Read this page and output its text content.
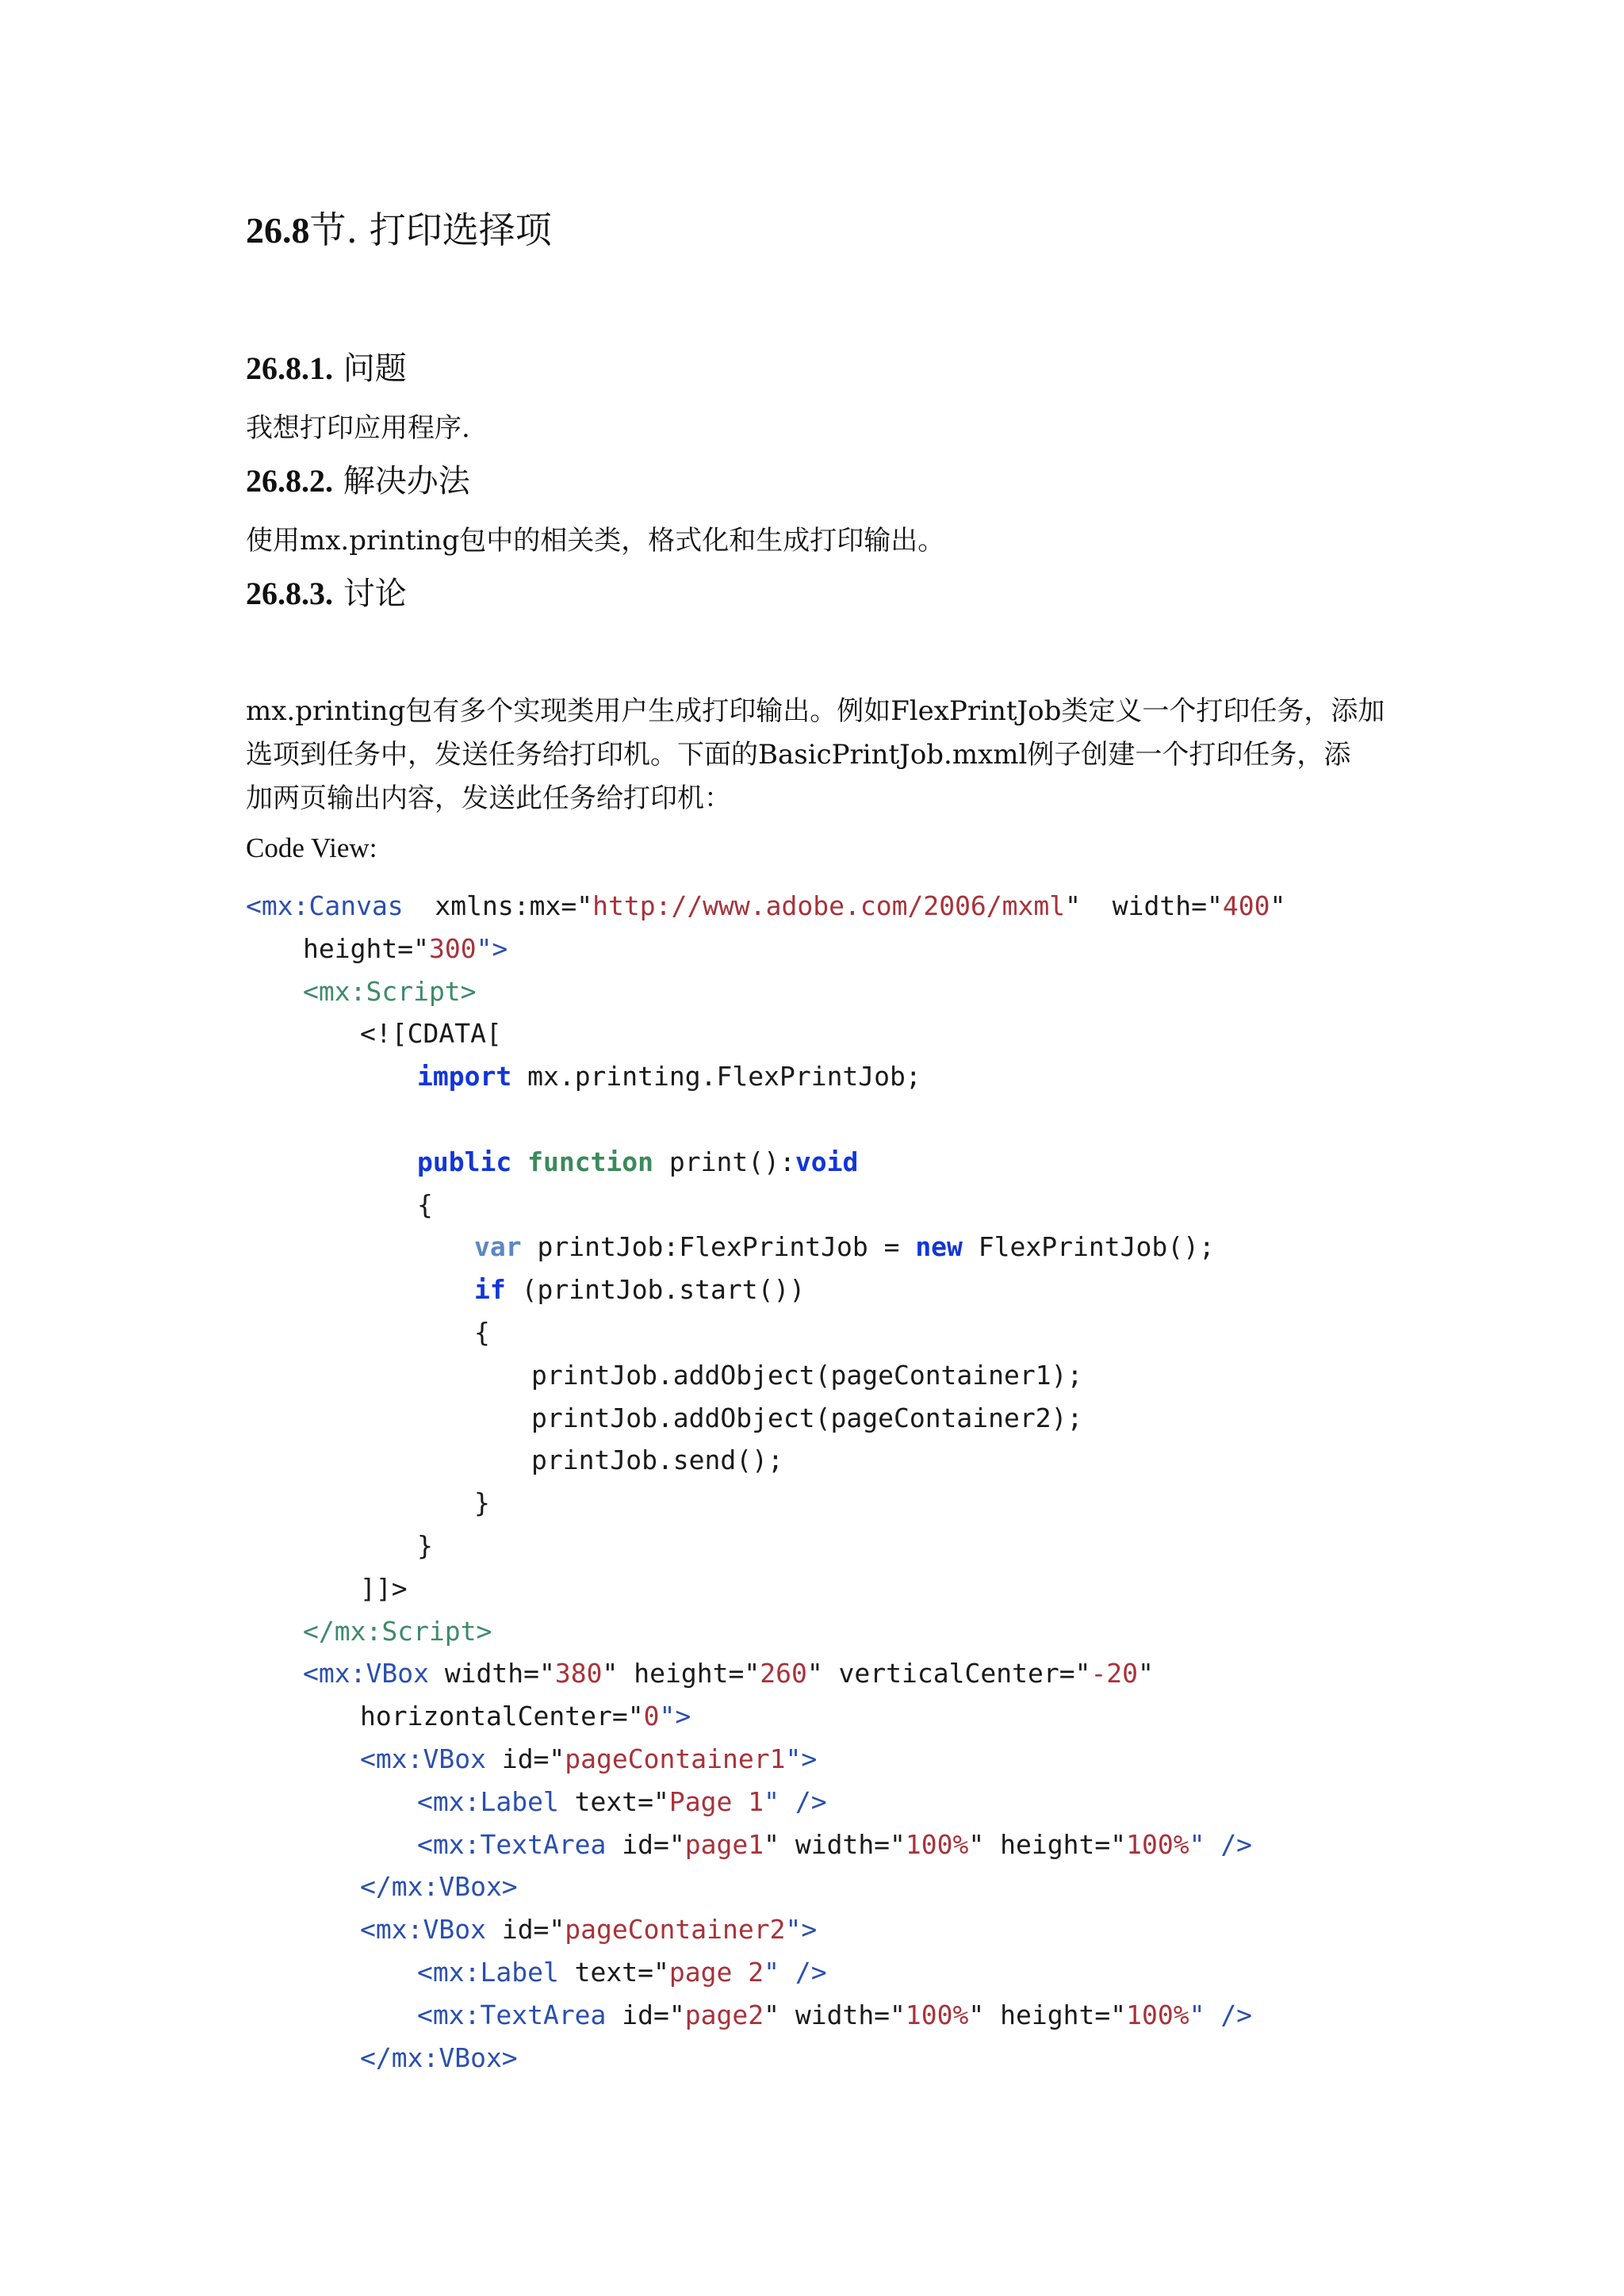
26.8节. 打印选择项
26.8.1. 问题

我想打印应用程序.

26.8.2. 解决办法

使用mx.printing包中的相关类，格式化和生成打印输出。

26.8.3. 讨论
mx.printing包有多个实现类用户生成打印输出。例如FlexPrintJob类定义一个打印任务，添加
选项到任务中，发送任务给打印机。下面的BasicPrintJob.mxml例子创建一个打印任务，添
加两页输出内容，发送此任务给打印机：

Code View:

<mx:Canvas  xmlns:mx="http://www.adobe.com/2006/mxml"  width="400"
height="300">
<mx:Script>
<![CDATA[
import mx.printing.FlexPrintJob;
public function print():void
{
var printJob:FlexPrintJob = new FlexPrintJob();
if (printJob.start())
{
printJob.addObject(pageContainer1);
printJob.addObject(pageContainer2);
printJob.send();
}
}
]]>
</mx:Script>
<mx:VBox width="380" height="260" verticalCenter="-20"
horizontalCenter="0">
<mx:VBox id="pageContainer1">
<mx:Label text="Page 1" />
<mx:TextArea id="page1" width="100%" height="100%" />
</mx:VBox>
<mx:VBox id="pageContainer2">
<mx:Label text="page 2" />
<mx:TextArea id="page2" width="100%" height="100%" />
</mx:VBox>
